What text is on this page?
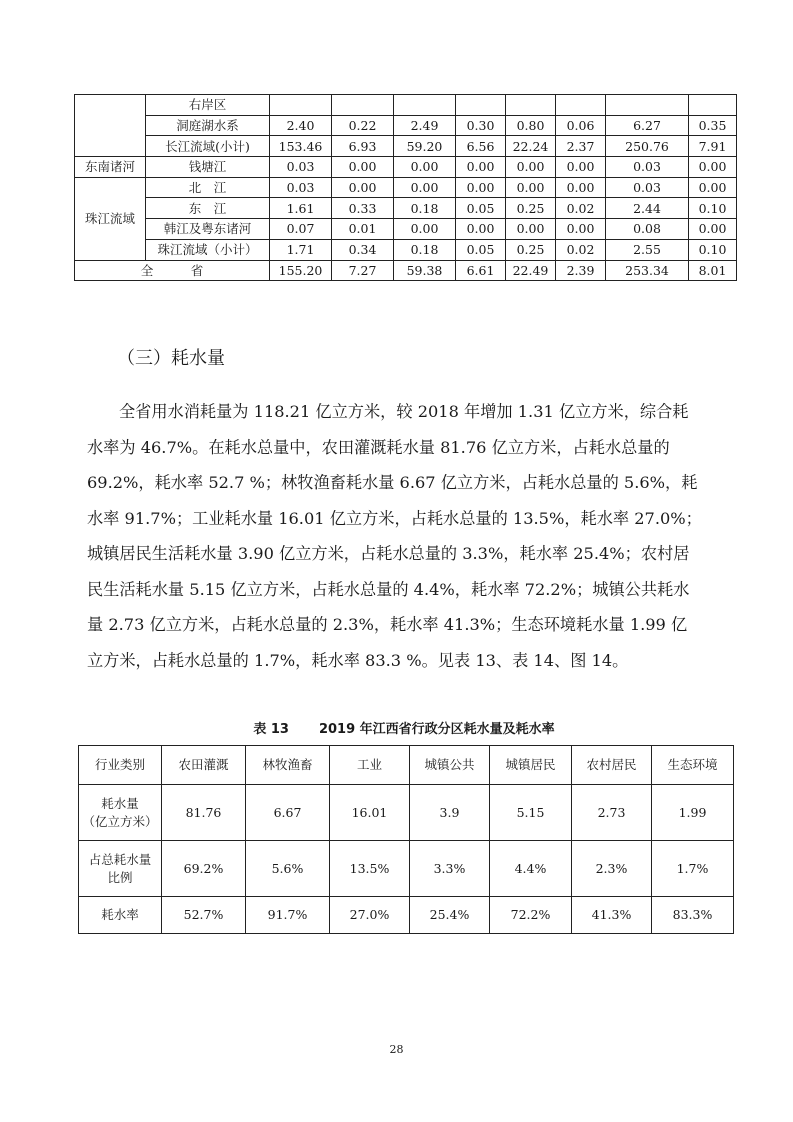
	右岸区								
	洞庭湖水系	2.40	0.22	2.49	0.30	0.80	0.06	6.27	0.35
	长江流域(小计)	153.46	6.93	59.20	6.56	22.24	2.37	250.76	7.91
东南诸河	钱塘江	0.03	0.00	0.00	0.00	0.00	0.00	0.03	0.00
珠江流域	北　江	0.03	0.00	0.00	0.00	0.00	0.00	0.03	0.00
	东　江	1.61	0.33	0.18	0.05	0.25	0.02	2.44	0.10
	韩江及粤东诸河	0.07	0.01	0.00	0.00	0.00	0.00	0.08	0.00
	珠江流域（小计）	1.71	0.34	0.18	0.05	0.25	0.02	2.55	0.10
全　　　省		155.20	7.27	59.38	6.61	22.49	2.39	253.34	8.01
（三）耗水量

全省用水消耗量为 118.21 亿立方米，较 2018 年增加 1.31 亿立方米，综合耗
水率为 46.7%。在耗水总量中，农田灌溉耗水量 81.76 亿立方米，占耗水总量的
69.2%，耗水率 52.7 %；林牧渔畜耗水量 6.67 亿立方米，占耗水总量的 5.6%，耗
水率 91.7%；工业耗水量 16.01 亿立方米，占耗水总量的 13.5%，耗水率 27.0%；
城镇居民生活耗水量 3.90 亿立方米，占耗水总量的 3.3%，耗水率 25.4%；农村居
民生活耗水量 5.15 亿立方米，占耗水总量的 4.4%，耗水率 72.2%；城镇公共耗水
量 2.73 亿立方米，占耗水总量的 2.3%，耗水率 41.3%；生态环境耗水量 1.99 亿
立方米，占耗水总量的 1.7%，耗水率 83.3 %。见表 13、表 14、图 14。

表 13 2019 年江西省行政分区耗水量及耗水率
行业类别	农田灌溉	林牧渔畜	工业	城镇公共	城镇居民	农村居民	生态环境

耗水量
（亿立方米）	81.76	6.67	16.01	3.9	5.15	2.73	1.99

占总耗水量
比例	69.2%	5.6%	13.5%	3.3%	4.4%	2.3%	1.7%

耗水率	52.7%	91.7%	27.0%	25.4%	72.2%	41.3%	83.3%
28
